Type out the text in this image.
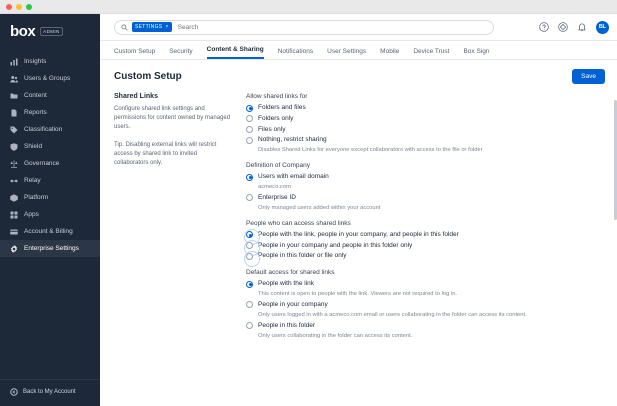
box	ADMIN
Insights
Users & Groups
Content
Reports
Classification
Shield
Governance
Relay
Platform
Apps
Account & Billing
Enterprise Settings
Back to My Account
SETTINGS ×
Search	BL
Custom Setup Security Content & Sharing Notifications User Settings Mobile Device Trust Box Sign
Custom Setup	Save
Shared Links

Configure shared link settings and permissions for content owned by managed users.

Tip. Disabling external links will restrict access by shared link to invited collaborators only.

Allow shared links for
Folders and files
Folders only
Files only
Nothing, restrict sharing
Disables Shared Links for everyone except collaborators with access to the file or folder
Definition of Company
Users with email domain
acmeco.com
Enterprise ID
Only managed users added within your account
People who can access shared links
People with the link, people in your company, and people in this folder
People in your company and people in this folder only
People in this folder or file only
Default access for shared links
People with the link
This content is open to people with the link. Viewers are not required to log in.
People in your company
Only users logged in with a acmeco.com email or users collaborating in the folder can access its content.
People in this folder
Only users collaborating in the folder can access its content.
